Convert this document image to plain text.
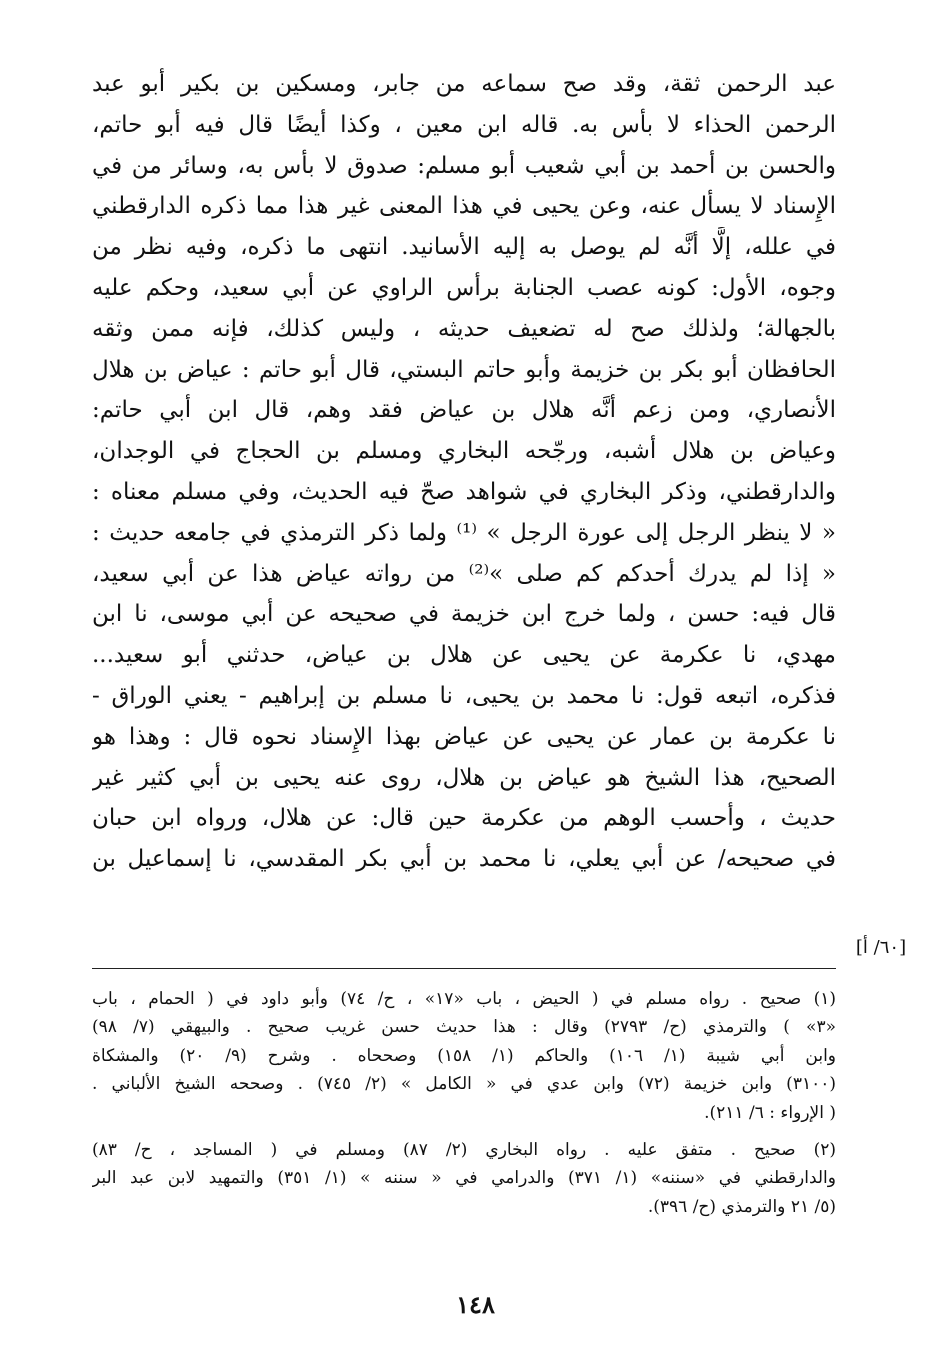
عبد الرحمن ثقة، وقد صح سماعه من جابر، ومسكين بن بكير أبو عبد
الرحمن الحذاء لا بأس به. قاله ابن معين ، وكذا أيضًا قال فيه أبو حاتم،
والحسن بن أحمد بن أبي شعيب أبو مسلم: صدوق لا بأس به، وسائر من في
الإِسناد لا يسأل عنه، وعن يحيى في هذا المعنى غير هذا مما ذكره الدارقطني
في علله، إلَّا أنَّه لم يوصل به إليه الأسانيد. انتهى ما ذكره، وفيه نظر من
وجوه، الأول: كونه عصب الجنابة برأس الراوي عن أبي سعيد، وحكم عليه
بالجهالة؛ ولذلك صح له تضعيف حديثه ، وليس كذلك، فإنه ممن وثقه
الحافظان أبو بكر بن خزيمة وأبو حاتم البستي، قال أبو حاتم : عياض بن هلال
الأنصاري، ومن زعم أنَّه هلال بن عياض فقد وهم، قال ابن أبي حاتم:
وعياض بن هلال أشبه، ورجّحه البخاري ومسلم بن الحجاج في الوجدان،
والدارقطني، وذكر البخاري في شواهد صحّ فيه الحديث، وفي مسلم معناه :
« لا ينظر الرجل إلى عورة الرجل » ⁽¹⁾ ولما ذكر الترمذي في جامعه حديث :
« إذا لم يدرك أحدكم كم صلى »⁽²⁾ من رواته عياض هذا عن أبي سعيد،
قال فيه: حسن ، ولما خرج ابن خزيمة في صحيحه عن أبي موسى، نا ابن
مهدي، نا عكرمة عن يحيى عن هلال بن عياض، حدثني أبو سعيد...
فذكره، اتبعه قول: نا محمد بن يحيى، نا مسلم بن إبراهيم - يعني الوراق -
نا عكرمة بن عمار عن يحيى عن عياض بهذا الإِسناد نحوه قال : وهذا هو
الصحيح، هذا الشيخ هو عياض بن هلال، روى عنه يحيى بن أبي كثير غير
حديث ، وأحسب الوهم من عكرمة حين قال: عن هلال، ورواه ابن حبان
في صحيحه/ عن أبي يعلي، نا محمد بن أبي بكر المقدسي، نا إسماعيل بن
[٦٠/ أ]
(١) صحيح . رواه مسلم في ( الحيض ، باب «١٧» ، ح/ ٧٤) وأبو داود في ( الحمام ، باب
«٣» ) والترمذي (ح/ ٢٧٩٣) وقال : هذا حديث حسن غريب صحيح . والبيهقي (٧/ ٩٨)
وابن أبي شيبة (١/ ١٠٦) والحاكم (١/ ١٥٨) وصححاه . وشرح (٩/ ٢٠) والمشكاة
(٣١٠٠) وابن خزيمة (٧٢) وابن عدي في « الكامل » (٢/ ٧٤٥) . وصححه الشيخ الألباني .
( الإرواء : ٦/ ٢١١).
(٢) صحيح . متفق عليه . رواه البخاري (٢/ ٨٧) ومسلم في ( المساجد ، ح/ ٨٣)
والدارقطني في «سننه» (١/ ٣٧١) والدرامي في « سننه » (١/ ٣٥١) والتمهيد لابن عبد البر
(٥/ ٢١ والترمذي (ح/ ٣٩٦).
١٤٨
